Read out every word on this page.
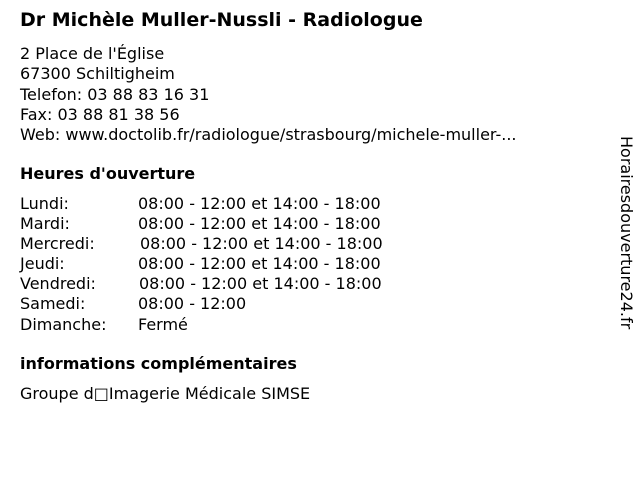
Dr Michèle Muller-Nussli - Radiologue
2 Place de l'Église
67300 Schiltigheim
Telefon: 03 88 83 16 31
Fax: 03 88 81 38 56
Web: www.doctolib.fr/radiologue/strasbourg/michele-muller-...
Heures d'ouverture
Lundi:	08:00 - 12:00 et 14:00 - 18:00
Mardi:	08:00 - 12:00 et 14:00 - 18:00
Mercredi:	08:00 - 12:00 et 14:00 - 18:00
Jeudi:	08:00 - 12:00 et 14:00 - 18:00
Vendredi:	08:00 - 12:00 et 14:00 - 18:00
Samedi:	08:00 - 12:00
Dimanche: Fermé
informations complémentaires
Groupe d□Imagerie Médicale SIMSE
Horairesdouverture24.fr
